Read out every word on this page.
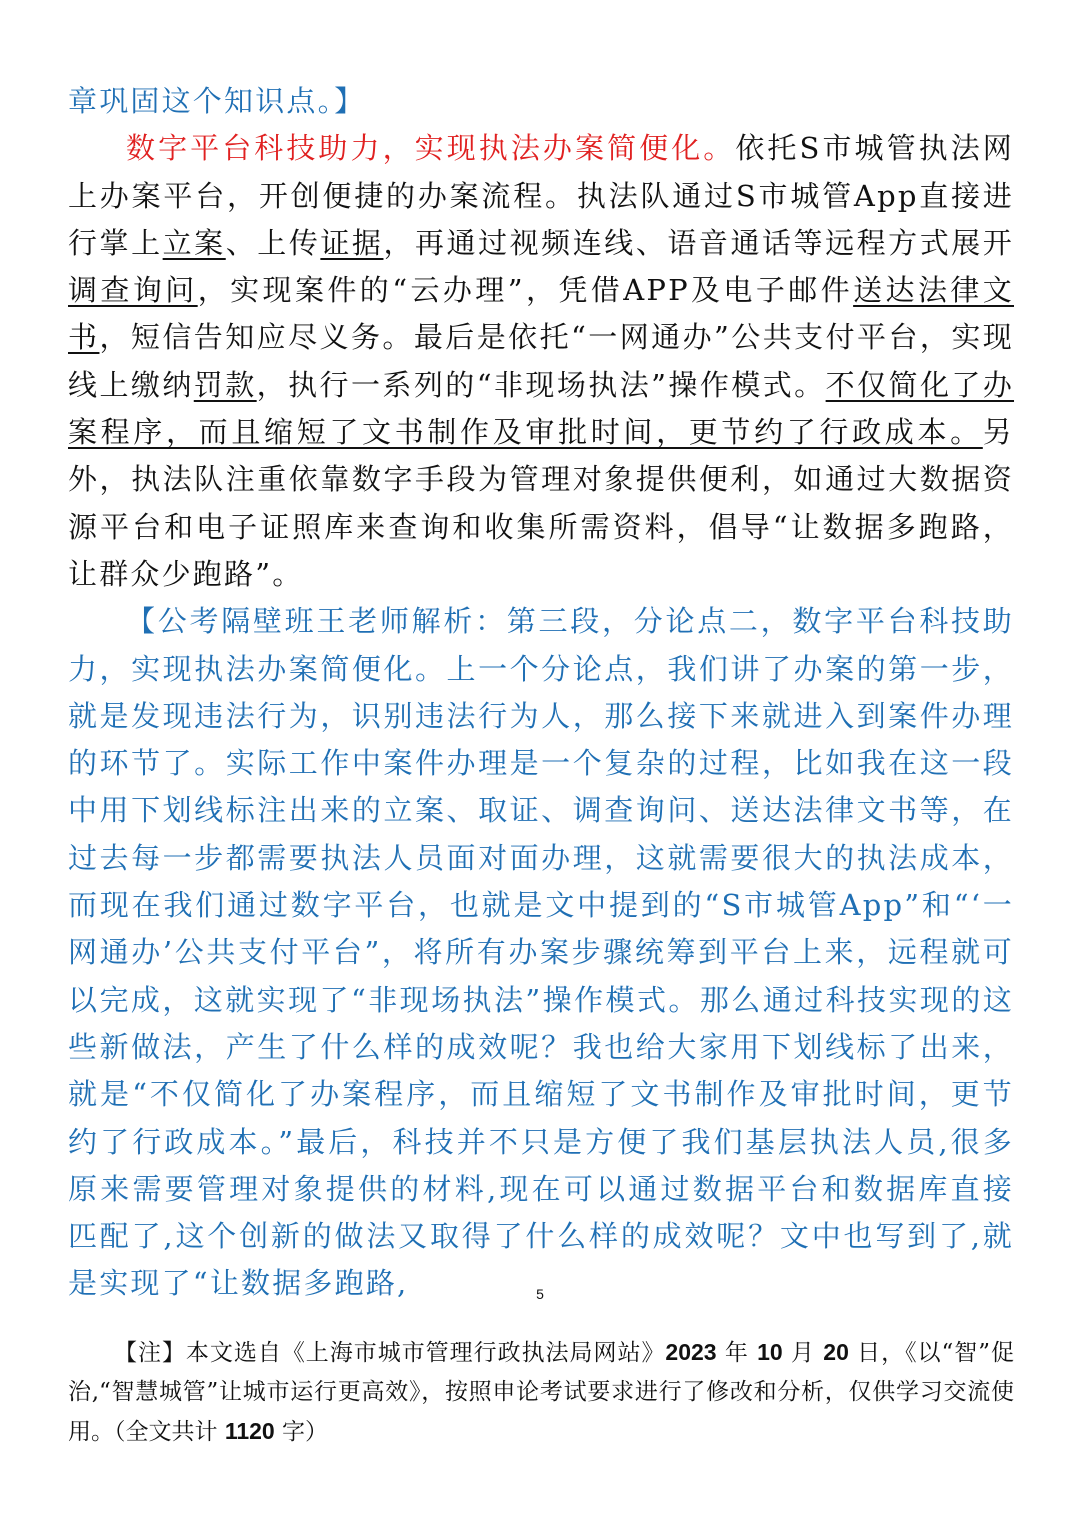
章巩固这个知识点。】

数字平台科技助力，实现执法办案简便化。依托S市城管执法网上办案平台，开创便捷的办案流程。执法队通过S市城管App直接进行掌上立案、上传证据，再通过视频连线、语音通话等远程方式展开调查询问，实现案件的“云办理”，凭借APP及电子邮件送达法律文书，短信告知应尽义务。最后是依托“一网通办”公共支付平台，实现线上缴纳罚款，执行一系列的“非现场执法”操作模式。不仅简化了办案程序，而且缩短了文书制作及审批时间，更节约了行政成本。另外，执法队注重依靠数字手段为管理对象提供便利，如通过大数据资源平台和电子证照库来查询和收集所需资料，倡导“让数据多跑路，让群众少跑路”。

【公考隔壁班王老师解析：第三段，分论点二，数字平台科技助力，实现执法办案简便化。上一个分论点，我们讲了办案的第一步，就是发现违法行为，识别违法行为人，那么接下来就进入到案件办理的环节了。实际工作中案件办理是一个复杂的过程，比如我在这一段中用下划线标注出来的立案、取证、调查询问、送达法律文书等，在过去每一步都需要执法人员面对面办理，这就需要很大的执法成本，而现在我们通过数字平台，也就是文中提到的“S市城管App”和“‘一网通办’公共支付平台”，将所有办案步骤统筹到平台上来，远程就可以完成，这就实现了“非现场执法”操作模式。那么通过科技实现的这些新做法，产生了什么样的成效呢？我也给大家用下划线标了出来，就是“不仅简化了办案程序，而且缩短了文书制作及审批时间，更节约了行政成本。”最后，科技并不只是方便了我们基层执法人员,很多原来需要管理对象提供的材料,现在可以通过数据平台和数据库直接匹配了,这个创新的做法又取得了什么样的成效呢？文中也写到了,就是实现了“让数据多跑路,	5

【注】本文选自《上海市城市管理行政执法局网站》2023 年 10 月 20 日，《以“智”促治,“智慧城管”让城市运行更高效》，按照申论考试要求进行了修改和分析，仅供学习交流使用。（全文共计 1120 字）
